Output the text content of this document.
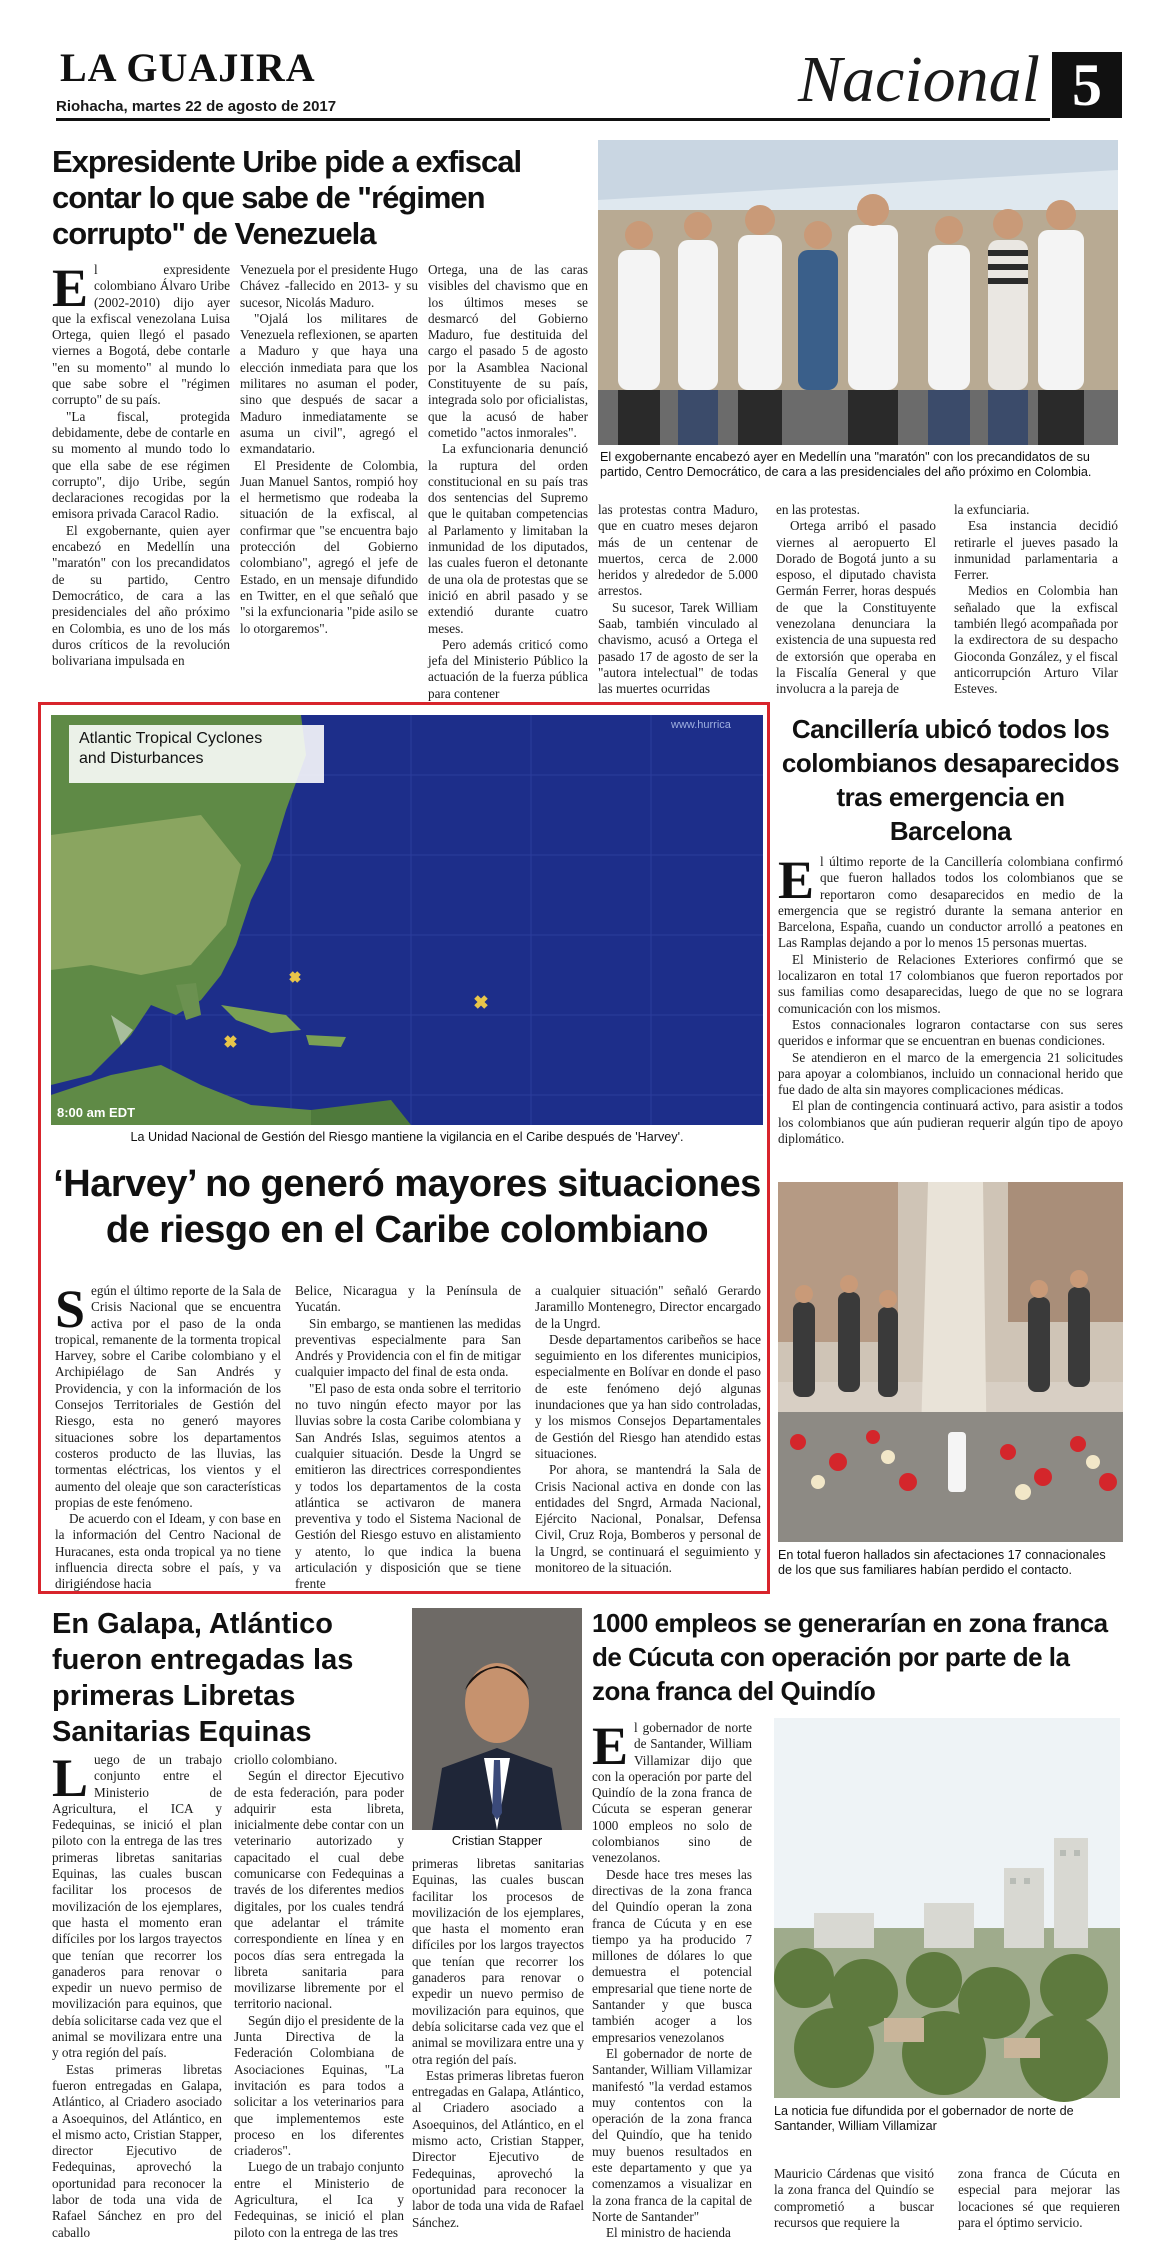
LA GUAJIRA
Riohacha, martes 22 de agosto de 2017	Nacional 5
Expresidente Uribe pide a exfiscal contar lo que sabe de "régimen corrupto" de Venezuela
E l expresidente colombiano Álvaro Uribe (2002-2010) dijo ayer que la exfiscal venezolana Luisa Ortega, quien llegó el pasado viernes a Bogotá, debe contarle "en su momento" al mundo lo que sabe sobre el "régimen corrupto" de su país.

"La fiscal, protegida debidamente, debe de contarle en su momento al mundo todo lo que ella sabe de ese régimen corrupto", dijo Uribe, según declaraciones recogidas por la emisora privada Caracol Radio.

El exgobernante, quien ayer encabezó en Medellín una "maratón" con los precandidatos de su partido, Centro Democrático, de cara a las presidenciales del año próximo en Colombia, es uno de los más duros críticos de la revolución bolivariana impulsada en

Venezuela por el presidente Hugo Chávez -fallecido en 2013- y su sucesor, Nicolás Maduro.

"Ojalá los militares de Venezuela reflexionen, se aparten a Maduro y que haya una elección inmediata para que los militares no asuman el poder, sino que después de sacar a Maduro inmediatamente se asuma un civil", agregó el exmandatario.

El Presidente de Colombia, Juan Manuel Santos, rompió hoy el hermetismo que rodeaba la situación de la exfiscal, al confirmar que "se encuentra bajo protección del Gobierno colombiano", agregó el jefe de Estado, en un mensaje difundido en Twitter, en el que señaló que "si la exfuncionaria "pide asilo se lo otorgaremos".

Ortega, una de las caras visibles del chavismo que en los últimos meses se desmarcó del Gobierno Maduro, fue destituida del cargo el pasado 5 de agosto por la Asamblea Nacional Constituyente de su país, integrada solo por oficialistas, que la acusó de haber cometido "actos inmorales".

La exfuncionaria denunció la ruptura del orden constitucional en su país tras dos sentencias del Supremo que le quitaban competencias al Parlamento y limitaban la inmunidad de los diputados, las cuales fueron el detonante de una ola de protestas que se inició en abril pasado y se extendió durante cuatro meses.

Pero además criticó como jefa del Ministerio Público la actuación de la fuerza pública para contener

El exgobernante encabezó ayer en Medellín una "maratón" con los precandidatos de su partido, Centro Democrático, de cara a las presidenciales del año próximo en Colombia.

las protestas contra Maduro, que en cuatro meses dejaron más de un centenar de muertos, cerca de 2.000 heridos y alrededor de 5.000 arrestos.

Su sucesor, Tarek William Saab, también vinculado al chavismo, acusó a Ortega el pasado 17 de agosto de ser la "autora intelectual" de todas las muertes ocurridas

en las protestas.

Ortega arribó el pasado viernes al aeropuerto El Dorado de Bogotá junto a su esposo, el diputado chavista Germán Ferrer, horas después de que la Constituyente venezolana denunciara la existencia de una supuesta red de extorsión que operaba en la Fiscalía General y que involucra a la pareja de

la exfunciaria.

Esa instancia decidió retirarle el jueves pasado la inmunidad parlamentaria a Ferrer.

Medios en Colombia han señalado que la exfiscal también llegó acompañada por la exdirectora de su despacho Gioconda González, y el fiscal anticorrupción Arturo Vilar Esteves.

Atlantic Tropical Cyclones
and Disturbances
www.hurrica
8:00 am EDT
La Unidad Nacional de Gestión del Riesgo mantiene la vigilancia en el Caribe después de 'Harvey'.
‘Harvey’ no generó mayores situaciones de riesgo en el Caribe colombiano
S egún el último reporte de la Sala de Crisis Nacional que se encuentra activa por el paso de la onda tropical, remanente de la tormenta tropical Harvey, sobre el Caribe colombiano y el Archipiélago de San Andrés y Providencia, y con la información de los Consejos Territoriales de Gestión del Riesgo, esta no generó mayores situaciones sobre los departamentos costeros producto de las lluvias, las tormentas eléctricas, los vientos y el aumento del oleaje que son características propias de este fenómeno.

De acuerdo con el Ideam, y con base en la información del Centro Nacional de Huracanes, esta onda tropical ya no tiene influencia directa sobre el país, y va dirigiéndose hacia

Belice, Nicaragua y la Península de Yucatán.

Sin embargo, se mantienen las medidas preventivas especialmente para San Andrés y Providencia con el fin de mitigar cualquier impacto del final de esta onda.

"El paso de esta onda sobre el territorio no tuvo ningún efecto mayor por las lluvias sobre la costa Caribe colombiana y San Andrés Islas, seguimos atentos a cualquier situación. Desde la Ungrd se emitieron las directrices correspondientes y todos los departamentos de la costa atlántica se activaron de manera preventiva y todo el Sistema Nacional de Gestión del Riesgo estuvo en alistamiento y atento, lo que indica la buena articulación y disposición que se tiene frente

a cualquier situación" señaló Gerardo Jaramillo Montenegro, Director encargado de la Ungrd.

Desde departamentos caribeños se hace seguimiento en los diferentes municipios, especialmente en Bolívar en donde el paso de este fenómeno dejó algunas inundaciones que ya han sido controladas, y los mismos Consejos Departamentales de Gestión del Riesgo han atendido estas situaciones.

Por ahora, se mantendrá la Sala de Crisis Nacional activa en donde con las entidades del Sngrd, Armada Nacional, Ejército Nacional, Ponalsar, Defensa Civil, Cruz Roja, Bomberos y personal de la Ungrd, se continuará el seguimiento y monitoreo de la situación.

Cancillería ubicó todos los colombianos desaparecidos tras emergencia en Barcelona
E l último reporte de la Cancillería colombiana confirmó que fueron hallados todos los colombianos que se reportaron como desaparecidos en medio de la emergencia que se registró durante la semana anterior en Barcelona, España, cuando un conductor arrolló a peatones en Las Ramplas dejando a por lo menos 15 personas muertas.

El Ministerio de Relaciones Exteriores confirmó que se localizaron en total 17 colombianos que fueron reportados por sus familias como desaparecidas, luego de que no se lograra comunicación con los mismos.

Estos connacionales lograron contactarse con sus seres queridos e informar que se encuentran en buenas condiciones.

Se atendieron en el marco de la emergencia 21 solicitudes para apoyar a colombianos, incluido un connacional herido que fue dado de alta sin mayores complicaciones médicas.

El plan de contingencia continuará activo, para asistir a todos los colombianos que aún pudieran requerir algún tipo de apoyo diplomático.

En total fueron hallados sin afectaciones 17 connacionales de los que sus familiares habían perdido el contacto.
En Galapa, Atlántico fueron entregadas las primeras Libretas Sanitarias Equinas
L uego de un trabajo conjunto entre el Ministerio de Agricultura, el ICA y Fedequinas, se inició el plan piloto con la entrega de las tres primeras libretas sanitarias Equinas, las cuales buscan facilitar los procesos de movilización de los ejemplares, que hasta el momento eran difíciles por los largos trayectos que tenían que recorrer los ganaderos para renovar o expedir un nuevo permiso de movilización para equinos, que debía solicitarse cada vez que el animal se movilizara entre una y otra región del país.

Estas primeras libretas fueron entregadas en Galapa, Atlántico, al Criadero asociado a Asoequinos, del Atlántico, en el mismo acto, Cristian Stapper, director Ejecutivo de Fedequinas, aprovechó la oportunidad para reconocer la labor de toda una vida de Rafael Sánchez en pro del caballo

criollo colombiano.

Según el director Ejecutivo de esta federación, para poder adquirir esta libreta, inicialmente debe contar con un veterinario autorizado y capacitado el cual debe comunicarse con Fedequinas a través de los diferentes medios digitales, por los cuales tendrá que adelantar el trámite correspondiente en línea y en pocos días sera entregada la libreta sanitaria para movilizarse libremente por el territorio nacional.

Según dijo el presidente de la Junta Directiva de la Federación Colombiana de Asociaciones Equinas, "La invitación es para todos a solicitar a los veterinarios para que implementemos este proceso en los diferentes criaderos".

Luego de un trabajo conjunto entre el Ministerio de Agricultura, el Ica y Fedequinas, se inició el plan piloto con la entrega de las tres

Cristian Stapper

primeras libretas sanitarias Equinas, las cuales buscan facilitar los procesos de movilización de los ejemplares, que hasta el momento eran difíciles por los largos trayectos que tenían que recorrer los ganaderos para renovar o expedir un nuevo permiso de movilización para equinos, que debía solicitarse cada vez que el animal se movilizara entre una y otra región del país.

Estas primeras libretas fueron entregadas en Galapa, Atlántico, al Criadero asociado a Asoequinos, del Atlántico, en el mismo acto, Cristian Stapper, Director Ejecutivo de Fedequinas, aprovechó la oportunidad para reconocer la labor de toda una vida de Rafael Sánchez.

1000 empleos se generarían en zona franca de Cúcuta con operación por parte de la zona franca del Quindío
E l gobernador de norte de Santander, William Villamizar dijo que con la operación por parte del Quindío de la zona franca de Cúcuta se esperan generar 1000 empleos no solo de colombianos sino de venezolanos.

Desde hace tres meses las directivas de la zona franca del Quindío operan la zona franca de Cúcuta y en ese tiempo ya ha producido 7 millones de dólares lo que demuestra el potencial empresarial que tiene norte de Santander y que busca también acoger a los empresarios venezolanos

El gobernador de norte de Santander, William Villamizar manifestó "la verdad estamos muy contentos con la operación de la zona franca del Quindío, que ha tenido muy buenos resultados en este departamento y que ya comenzamos a visualizar en la zona franca de la capital de Norte de Santander"

El ministro de hacienda

La noticia fue difundida por el gobernador de norte de Santander, William Villamizar

Mauricio Cárdenas que visitó la zona franca del Quindío se comprometió a buscar recursos que requiere la

zona franca de Cúcuta en especial para mejorar las locaciones sé que requieren para el óptimo servicio.
